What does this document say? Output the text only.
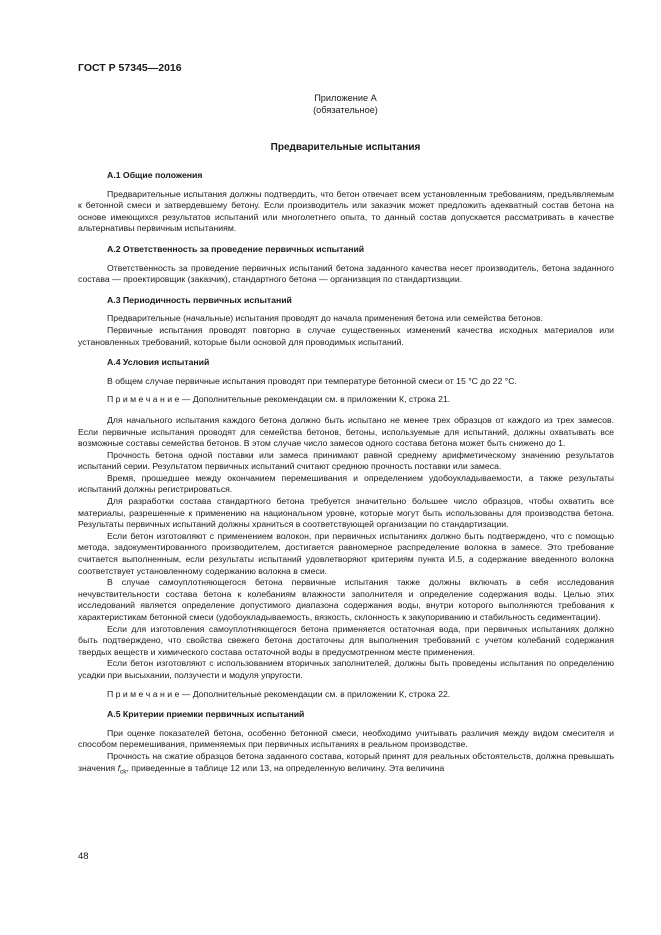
ГОСТ Р 57345—2016
Приложение А
(обязательное)
Предварительные испытания
А.1 Общие положения

Предварительные испытания должны подтвердить, что бетон отвечает всем установленным требованиям, предъявляемым к бетонной смеси и затвердевшему бетону. Если производитель или заказчик может предложить адекватный состав бетона на основе имеющихся результатов испытаний или многолетнего опыта, то данный состав допускается рассматривать в качестве альтернативы первичным испытаниям.

А.2 Ответственность за проведение первичных испытаний

Ответственность за проведение первичных испытаний бетона заданного качества несет производитель, бетона заданного состава — проектировщик (заказчик), стандартного бетона — организация по стандартизации.

А.3 Периодичность первичных испытаний

Предварительные (начальные) испытания проводят до начала применения бетона или семейства бетонов.

Первичные испытания проводят повторно в случае существенных изменений качества исходных материалов или установленных требований, которые были основой для проводимых испытаний.

А.4 Условия испытаний

В общем случае первичные испытания проводят при температуре бетонной смеси от 15 °С до 22 °С.

П р и м е ч а н и е — Дополнительные рекомендации см. в приложении К, строка 21.

Для начального испытания каждого бетона должно быть испытано не менее трех образцов от каждого из трех замесов. Если первичные испытания проводят для семейства бетонов, бетоны, используемые для испытаний, должны охватывать все возможные составы семейства бетонов. В этом случае число замесов одного состава бетона может быть снижено до 1.

Прочность бетона одной поставки или замеса принимают равной среднему арифметическому значению результатов испытаний серии. Результатом первичных испытаний считают среднюю прочность поставки или замеса.

Время, прошедшее между окончанием перемешивания и определением удобоукладываемости, а также результаты испытаний должны регистрироваться.

Для разработки состава стандартного бетона требуется значительно большее число образцов, чтобы охватить все материалы, разрешенные к применению на национальном уровне, которые могут быть использованы для производства бетона. Результаты первичных испытаний должны храниться в соответствующей организации по стандартизации.

Если бетон изготовляют с применением волокон, при первичных испытаниях должно быть подтверждено, что с помощью метода, задокументированного производителем, достигается равномерное распределение волокна в замесе. Это требование считается выполненным, если результаты испытаний удовлетворяют критериям пункта И.5, а содержание введенного волокна соответствует установленному содержанию волокна в смеси.

В случае самоуплотняющегося бетона первичные испытания также должны включать в себя исследования нечувствительности состава бетона к колебаниям влажности заполнителя и определение содержания воды. Целью этих исследований является определение допустимого диапазона содержания воды, внутри которого выполняются требования к характеристикам бетонной смеси (удобоукладываемость, вязкость, склонность к закупориванию и стабильность седиментации).

Если для изготовления самоуплотняющегося бетона применяется остаточная вода, при первичных испытаниях должно быть подтверждено, что свойства свежего бетона достаточны для выполнения требований с учетом колебаний содержания твердых веществ и химического состава остаточной воды в предусмотренном месте применения.

Если бетон изготовляют с использованием вторичных заполнителей, должны быть проведены испытания по определению усадки при высыхании, ползучести и модуля упругости.

П р и м е ч а н и е — Дополнительные рекомендации см. в приложении К, строка 22.

А.5 Критерии приемки первичных испытаний

При оценке показателей бетона, особенно бетонной смеси, необходимо учитывать различия между видом смесителя и способом перемешивания, применяемых при первичных испытаниях в реальном производстве.

Прочность на сжатие образцов бетона заданного состава, который принят для реальных обстоятельств, должна превышать значения $f_{ck}$, приведенные в таблице 12 или 13, на определенную величину. Эта величина

48
